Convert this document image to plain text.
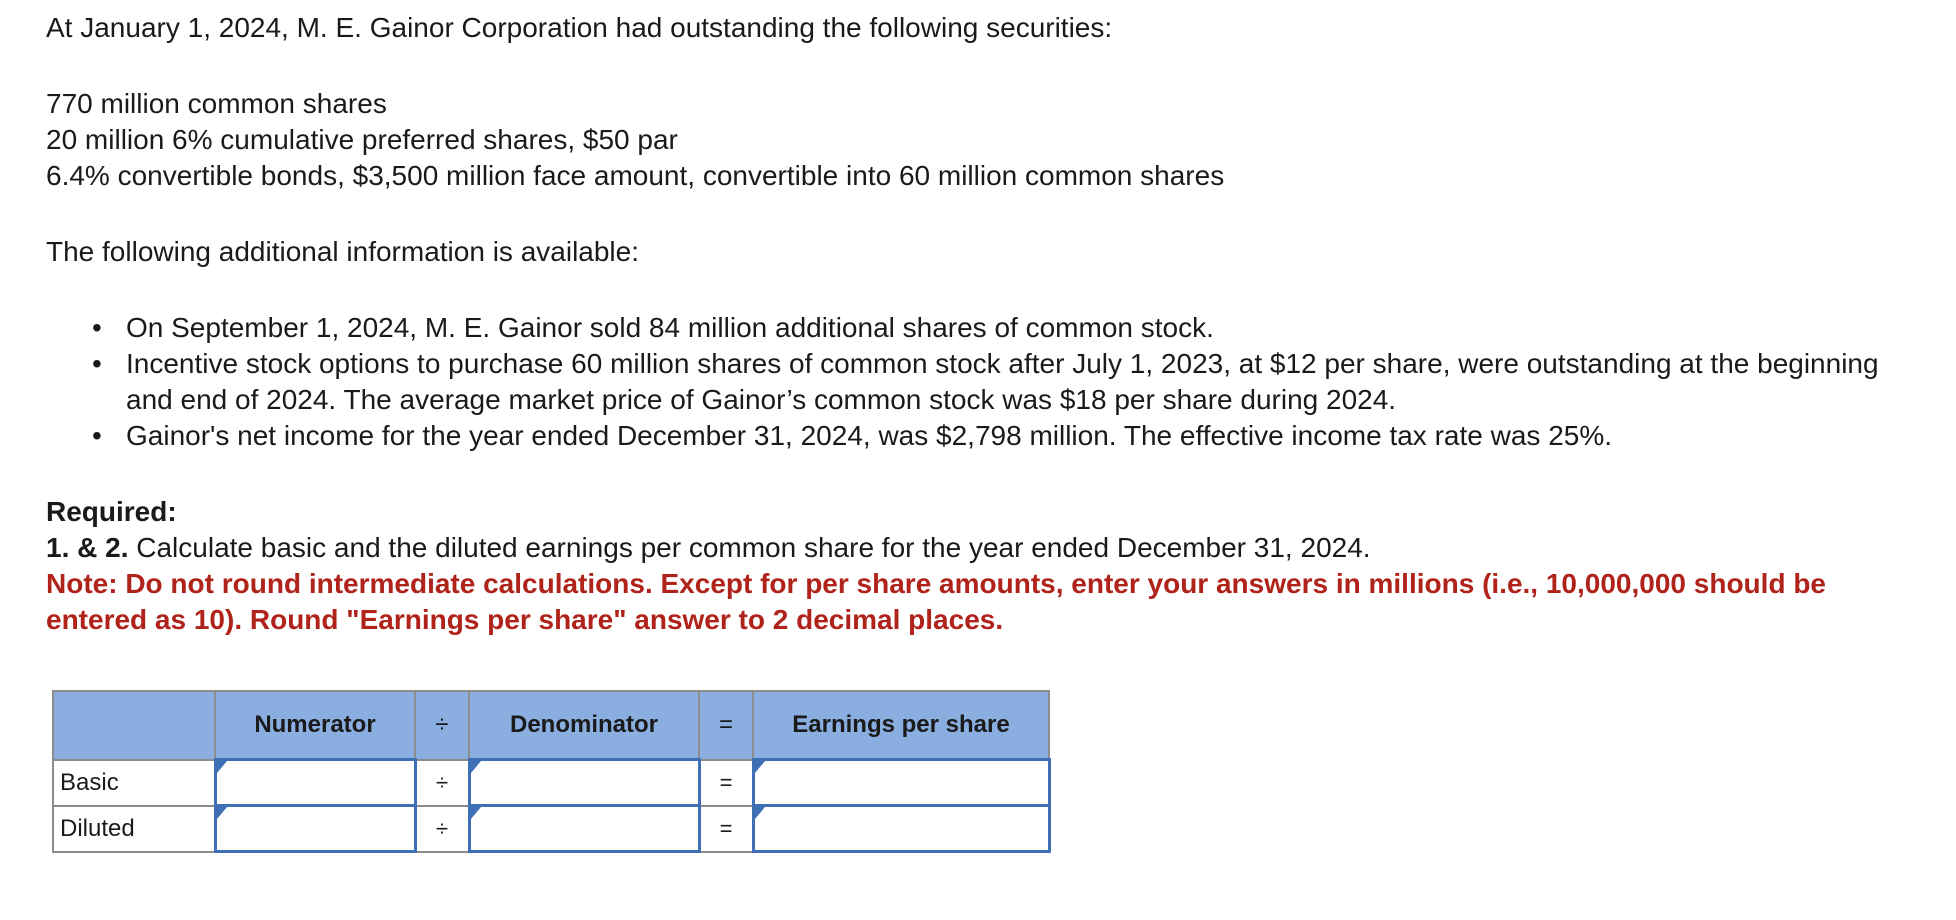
At January 1, 2024, M. E. Gainor Corporation had outstanding the following securities:

770 million common shares

20 million 6% cumulative preferred shares, $50 par

6.4% convertible bonds, $3,500 million face amount, convertible into 60 million common shares

The following additional information is available:

• On September 1, 2024, M. E. Gainor sold 84 million additional shares of common stock.
• Incentive stock options to purchase 60 million shares of common stock after July 1, 2023, at $12 per share, were outstanding at the beginning and end of 2024. The average market price of Gainor’s common stock was $18 per share during 2024.
• Gainor's net income for the year ended December 31, 2024, was $2,798 million. The effective income tax rate was 25%.

Required:

1. & 2. Calculate basic and the diluted earnings per common share for the year ended December 31, 2024.

Note: Do not round intermediate calculations. Except for per share amounts, enter your answers in millions (i.e., 10,000,000 should be entered as 10). Round "Earnings per share" answer to 2 decimal places.

	Numerator	÷	Denominator	=	Earnings per share
Basic		÷		=	

Diluted		÷		=	
